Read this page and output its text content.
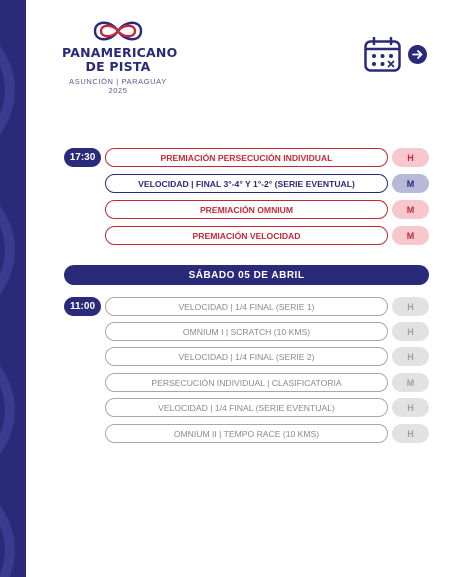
PANAMERICANO
DE PISTA
ASUNCIÓN | PARAGUAY 2025
17:30	PREMIACIÓN PERSECUCIÓN INDIVIDUAL	H
VELOCIDAD | FINAL 3°-4° Y 1°-2° (SERIE EVENTUAL)	M
PREMIACIÓN OMNIUM	M
PREMIACIÓN VELOCIDAD	M
SÁBADO 05 DE ABRIL
11:00	VELOCIDAD | 1/4 FINAL (SERIE 1)	H
OMNIUM I | SCRATCH (10 KMS)	H
VELOCIDAD | 1/4 FINAL (SERIE 2)	H
PERSECUCIÓN INDIVIDUAL | CLASIFICATORIA	M
VELOCIDAD | 1/4 FINAL (SERIE EVENTUAL)	H
OMNIUM II | TEMPO RACE (10 KMS)	H
